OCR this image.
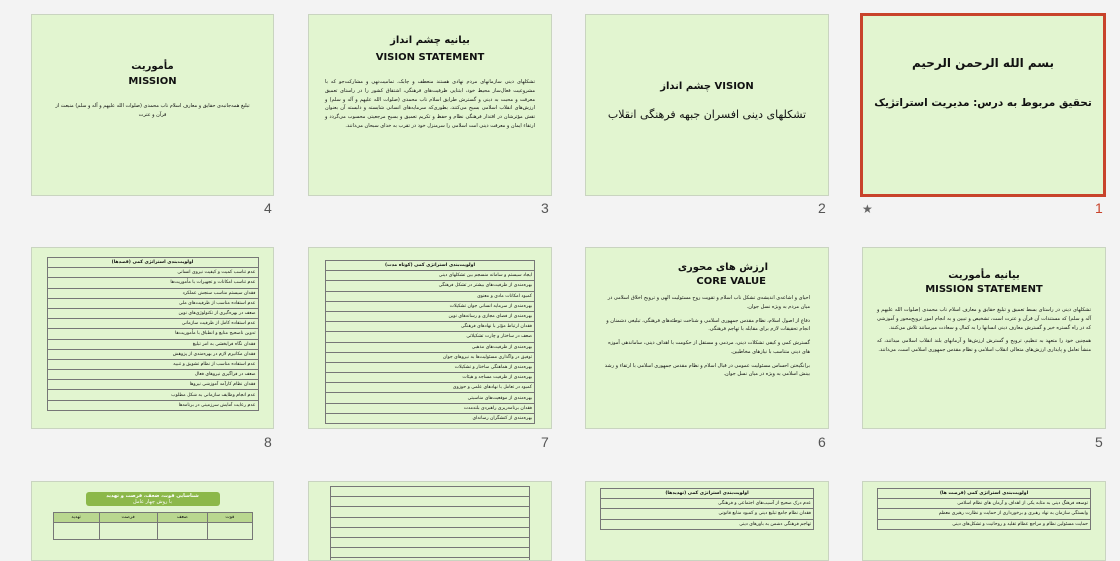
بسم الله الرحمن الرحیم
تحقیق مربوط به درس: مدیریت استراتژیک
1
★
چشم انداز VISION
تشکلهای دینی افسران جبهه فرهنگی انقلاب
2
بیانیه چشم انداز
VISION STATEMENT
تشکلهای دینی سازمانهای مردم نهادی هستند منعطف و چابک، تمامیت‌نهی و مشارکت‌جو که با مشروعیت فعال‌ساز محیط خود، ابتنایی ظرفیت‌های فرهنگی، اشتقاق کشور را در راستای تعمیق معرفت و محبت به دینی و گسترش طرایق اسلام ناب محمدی (صلوات الله علیهم و آله و سلم) و ارزش‌های انقلاب اسلامی بسیج می‌کنند، بطوری‌که سرمایه‌های انسانی شایسته و دلبسته آن بعنوان تقش مؤثرشان در اقتدار فرهنگی نظام و حفظ و تکریم تعمیق و بسیج مرجعیتی محسوب می‌گردد و ارتقاء ایمان و معرفت دینی امت اسلامی را سرمنزل خود در تقرب به خدای سبحان می‌دانند.
3
مأموریت
MISSION
تبلیغ همه‌جانبه‌ی حقایق و معارف اسلام ناب محمدی (صلوات الله علیهم و آله و سلم) منبعث از قرآن و عترت
4
بیانیه مأموریت
MISSION STATEMENT
تشکلهای دینی در راستای بسط تعمیق و تبلیغ حقایق و معارف اسلام ناب محمدی (صلوات الله علیهم و آله و سلم) که مستندات آن قرآن و عترت است، تشخیص و تبیین و به انجام امور ترویج‌محور و آموزشی که در راه گستره خیر و گسترش معارف دینی انسانها را به کمال و سعادت میرسانند تلاش می‌کنند.
همچنین خود را متعهد به تنظیم، ترویج و گسترش ارزش‌ها و آرمانهای بلند انقلاب اسلامی میدانند، که منشأ تعامل و پایداری ارزش‌های متعالی انقلاب اسلامی و نظام مقدس جمهوری اسلامی است، می‌دانند.
5
ارزش های محوری
CORE VALUE
احیای و اشاعه‌ی اندیشه‌ی تشکل ناب اسلام و تقویت روح مسئولیت الهی و ترویج اخلاق اسلامی در میان مردم به ویژه نسل جوان.
دفاع از اصول اسلام، نظام مقدس جمهوری اسلامی و شناخت توطئه‌های فرهنگی، تبلیغی دشمنان و انجام تحقیقات لازم برای مقابله با تهاجم فرهنگی.
گسترش کمی و کیفی تشکلات دینی، مردمی و مستقل از حکومت با اهداف دینی، ساماندهی آموزه های دینی متناسب با نیازهای مخاطبین.
برانگیختن احساس مسئولیت عمومی در قبال اسلام و نظام مقدس جمهوری اسلامی با ارتقاء و رشد بینش اسلامی به ویژه در میان نسل جوان.
6
اولویت‌بندی استراتژی کمی (کوتاه مدت)
ایجاد سیستم و سامانه منسجم بین تشکلهای دینی
بهره‌مندی از ظرفیت‌های بیشتر در تشکل فرهنگی
کمبود امکانات مادی و معنوی
بهره‌مندی از سرمایه انسانی جوان تشکیلات
بهره‌مندی از فضای مجازی و رسانه‌های نوین
فقدان ارتباط مؤثر با نهادهای فرهنگی
ضعف در ساختار و چارت تشکیلاتی
بهره‌مندی از ظرفیت‌های مذهبی
توفیق در واگذاری مسئولیت‌ها به نیروهای جوان
بهره‌مندی از هماهنگی ساختار و تشکیلات
بهره‌مندی از ظرفیت مساجد و هیئات
کمبود در تعامل با نهادهای علمی و حوزوی
بهره‌مندی از موقعیت‌های مناسبتی
فقدان برنامه‌ریزی راهبردی بلندمدت
بهره‌مندی از کنشگران رسانه‌ای
7
اولویت‌بندی استراتژی کمی (قصدها)
عدم تناسب کمیت و کیفیت نیروی انسانی
عدم تناسب امکانات و تجهیزات با مأموریت‌ها
فقدان سیستم مناسب سنجش عملکرد
عدم استفاده مناسب از ظرفیت‌های ملی
ضعف در بهره‌گیری از تکنولوژی‌های نوین
عدم استفاده کامل از ظرفیت سازمانی
تدوین ناصحیح منابع و انطباق با مأموریت‌ها
فقدان نگاه فرابخشی به امر تبلیغ
فقدان مکانیزم لازم در بهره‌مندی از پژوهش
عدم استفاده مناسب از نظام تشویق و تنبیه
ضعف در فراگیری نیروهای فعال
فقدان نظام کارآمد آموزشی نیروها
عدم انجام وظایف سازمانی به شکل مطلوب
عدم رعایت آمایش سرزمینی در برنامه‌ها
8
اولویت‌بندی استراتژی کمی (فرصت ها)
توسعه فرهنگ دینی به مثابه یکی از اهداف و آرمان های نظام اسلامی
وابستگی سازمان به نهاد رهبری و برخورداری از حمایت و نظارت رهبری معظم
حمایت مسئولین نظام و مراجع عظام تقلید و روحانیت و تشکل‌های دینی
اولویت‌بندی استراتژی کمی (تهدیدها)
عدم درک صحیح از آسیب‌های اجتماعی و فرهنگی
فقدان نظام جامع تبلیغ دینی و کمبود منابع قانونی
تهاجم فرهنگی دشمن به باورهای دینی

شناسایی قوت، ضعف، فرصت و تهدید
با روش چهار عامل
تهدید	فرصت	ضعف	قوت
